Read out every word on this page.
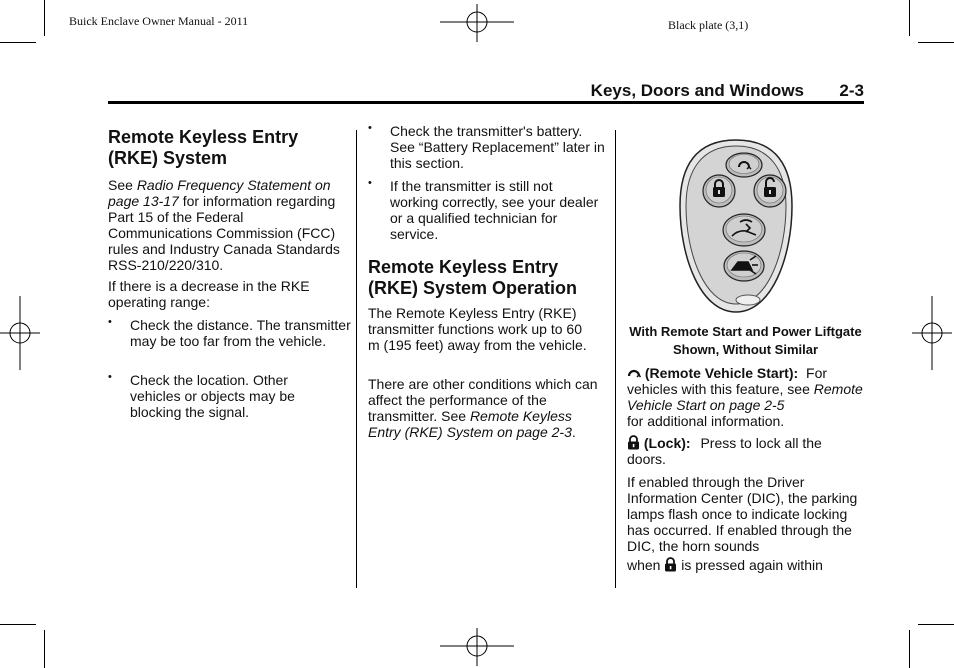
Buick Enclave Owner Manual - 2011	Black plate (3,1)
Keys, Doors and Windows 2-3
Remote Keyless Entry (RKE) System
See Radio Frequency Statement on page 13-17 for information regarding Part 15 of the Federal Communications Commission (FCC) rules and Industry Canada Standards RSS-210/220/310.
If there is a decrease in the RKE operating range:
• Check the distance. The transmitter may be too far from the vehicle.
• Check the location. Other vehicles or objects may be blocking the signal.
• Check the transmitter's battery. See “Battery Replacement” later in this section.
• If the transmitter is still not working correctly, see your dealer or a qualified technician for service.
Remote Keyless Entry (RKE) System Operation
The Remote Keyless Entry (RKE) transmitter functions work up to 60 m (195 feet) away from the vehicle.
There are other conditions which can affect the performance of the transmitter. See Remote Keyless Entry (RKE) System on page 2-3.
With Remote Start and Power Liftgate Shown, Without Similar
(Remote Vehicle Start): For vehicles with this feature, see Remote Vehicle Start on page 2-5
for additional information.
(Lock): Press to lock all the doors.
If enabled through the Driver Information Center (DIC), the parking lamps flash once to indicate locking has occurred. If enabled through the DIC, the horn sounds
when is pressed again within
